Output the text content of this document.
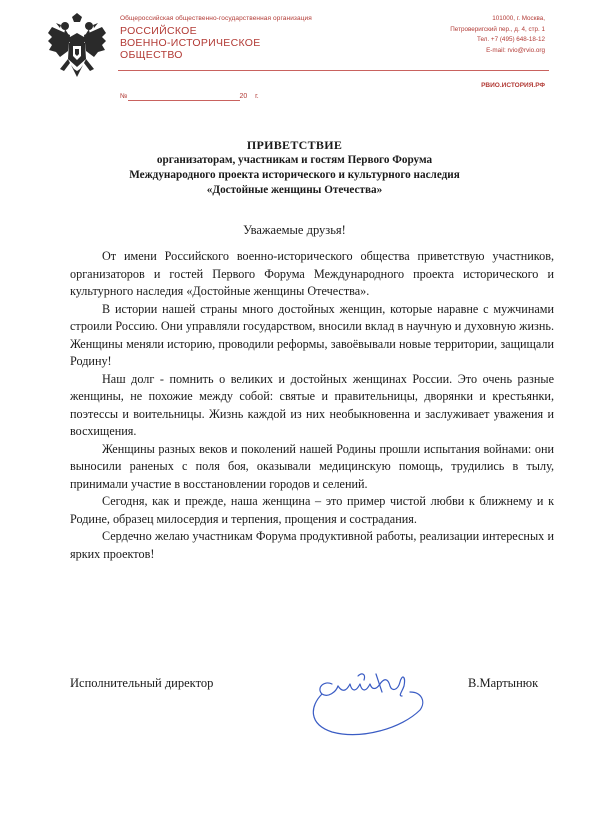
Общероссийская общественно-государственная организация
РОССИЙСКОЕ
ВОЕННО-ИСТОРИЧЕСКОЕ
ОБЩЕСТВО
101000, г. Москва,
Петроверигский пер., д. 4, стр. 1
Тел. +7 (495) 648-18-12
E-mail: rvio@rvio.org
РВИО.ИСТОРИЯ.РФ
№	20    г.
ПРИВЕТСТВИЕ
организаторам, участникам и гостям Первого Форума
Международного проекта исторического и культурного наследия
«Достойные женщины Отечества»
Уважаемые друзья!

От имени Российского военно-исторического общества приветствую участников, организаторов и гостей Первого Форума Международного проекта исторического и культурного наследия «Достойные женщины Отечества».

В истории нашей страны много достойных женщин, которые наравне с мужчинами строили Россию. Они управляли государством, вносили вклад в научную и духовную жизнь. Женщины меняли историю, проводили реформы, завоёвывали новые территории, защищали Родину!

Наш долг - помнить о великих и достойных женщинах России. Это очень разные женщины, не похожие между собой: святые и правительницы, дворянки и крестьянки, поэтессы и воительницы. Жизнь каждой из них необыкновенна и заслуживает уважения и восхищения.

Женщины разных веков и поколений нашей Родины прошли испытания войнами: они выносили раненых с поля боя, оказывали медицинскую помощь, трудились в тылу, принимали участие в восстановлении городов и селений.

Сегодня, как и прежде, наша женщина – это пример чистой любви к ближнему и к Родине, образец милосердия и терпения, прощения и сострадания.

Сердечно желаю участникам Форума продуктивной работы, реализации интересных и ярких проектов!

Исполнительный директор	В.Мартынюк
